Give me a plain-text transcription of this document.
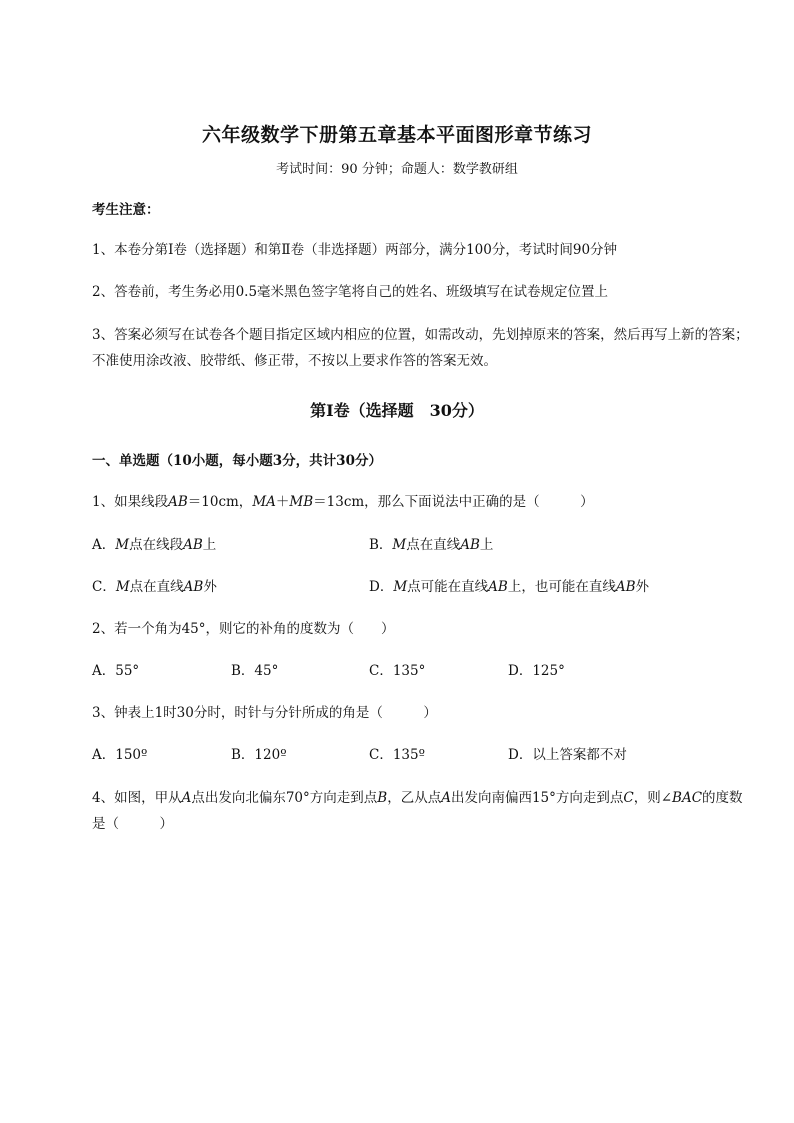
六年级数学下册第五章基本平面图形章节练习
考试时间：90 分钟；命题人：数学教研组
考生注意：
1、本卷分第Ⅰ卷（选择题）和第Ⅱ卷（非选择题）两部分，满分100分，考试时间90分钟
2、答卷前，考生务必用0.5毫米黑色签字笔将自己的姓名、班级填写在试卷规定位置上
3、答案必须写在试卷各个题目指定区域内相应的位置，如需改动，先划掉原来的答案，然后再写上新的答案；不准使用涂改液、胶带纸、修正带，不按以上要求作答的答案无效。
第Ⅰ卷（选择题　30分）
一、单选题（10小题，每小题3分，共计30分）
1、如果线段AB＝10cm，MA＋MB＝13cm，那么下面说法中正确的是（　　　）
A．M点在线段AB上	B．M点在直线AB上
C．M点在直线AB外	D．M点可能在直线AB上，也可能在直线AB外
2、若一个角为45°，则它的补角的度数为（　　）
A．55°	B．45°	C．135°	D．125°
3、钟表上1时30分时，时针与分针所成的角是（　　　）
A．150º	B．120º	C．135º	D．以上答案都不对
4、如图，甲从A点出发向北偏东70°方向走到点B，乙从点A出发向南偏西15°方向走到点C，则∠BAC的度数是（　　　）
